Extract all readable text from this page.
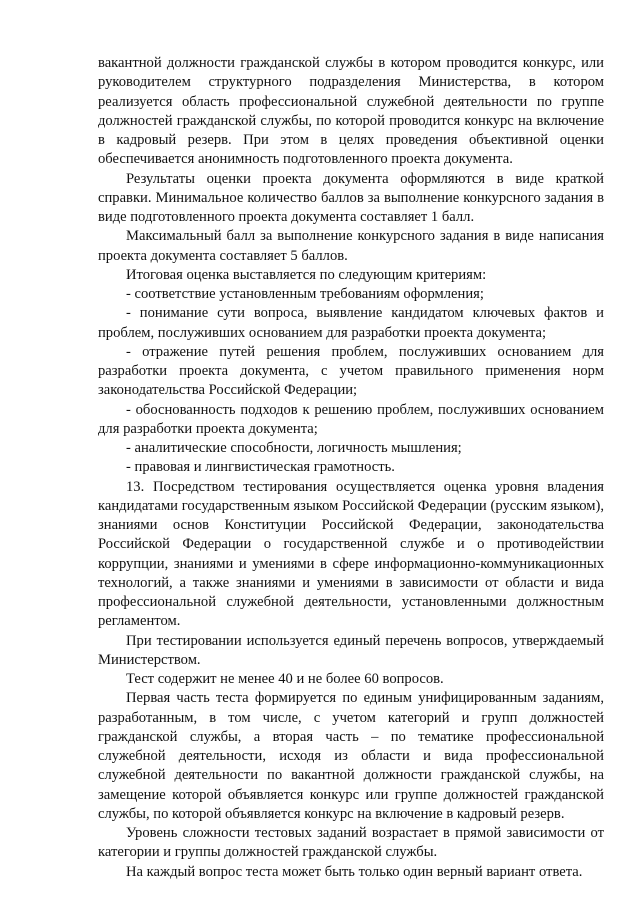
вакантной должности гражданской службы в котором проводится конкурс, или руководителем структурного подразделения Министерства, в котором реализуется область профессиональной служебной деятельности по группе должностей гражданской службы, по которой проводится конкурс на включение в кадровый резерв. При этом в целях проведения объективной оценки обеспечивается анонимность подготовленного проекта документа.

Результаты оценки проекта документа оформляются в виде краткой справки. Минимальное количество баллов за выполнение конкурсного задания в виде подготовленного проекта документа составляет 1 балл.

Максимальный балл за выполнение конкурсного задания в виде написания проекта документа составляет 5 баллов.

Итоговая оценка выставляется по следующим критериям:

- соответствие установленным требованиям оформления;

- понимание сути вопроса, выявление кандидатом ключевых фактов и проблем, послуживших основанием для разработки проекта документа;

- отражение путей решения проблем, послуживших основанием для разработки проекта документа, с учетом правильного применения норм законодательства Российской Федерации;

- обоснованность подходов к решению проблем, послуживших основанием для разработки проекта документа;

- аналитические способности, логичность мышления;

- правовая и лингвистическая грамотность.

13. Посредством тестирования осуществляется оценка уровня владения кандидатами государственным языком Российской Федерации (русским языком), знаниями основ Конституции Российской Федерации, законодательства Российской Федерации о государственной службе и о противодействии коррупции, знаниями и умениями в сфере информационно-коммуникационных технологий, а также знаниями и умениями в зависимости от области и вида профессиональной служебной деятельности, установленными должностным регламентом.

При тестировании используется единый перечень вопросов, утверждаемый Министерством.

Тест содержит не менее 40 и не более 60 вопросов.

Первая часть теста формируется по единым унифицированным заданиям, разработанным, в том числе, с учетом категорий и групп должностей гражданской службы, а вторая часть – по тематике профессиональной служебной деятельности, исходя из области и вида профессиональной служебной деятельности по вакантной должности гражданской службы, на замещение которой объявляется конкурс или группе должностей гражданской службы, по которой объявляется конкурс на включение в кадровый резерв.

Уровень сложности тестовых заданий возрастает в прямой зависимости от категории и группы должностей гражданской службы.

На каждый вопрос теста может быть только один верный вариант ответа.
